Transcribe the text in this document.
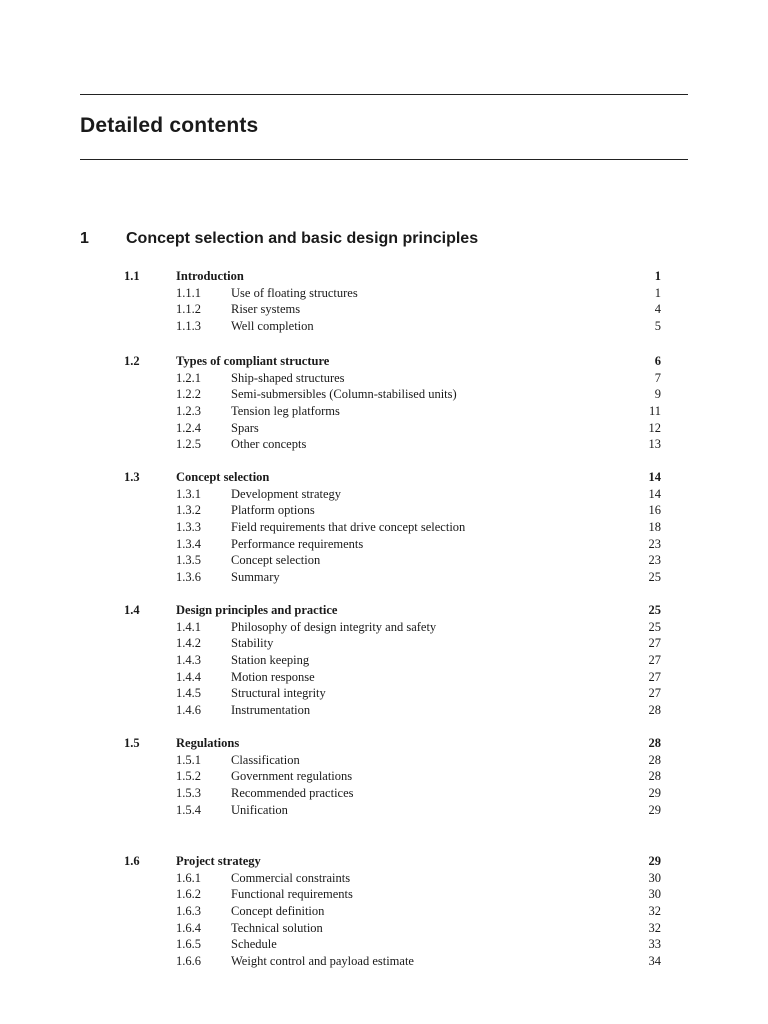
Detailed contents
1 Concept selection and basic design principles
1.1	Introduction	1
1.1.1 Use of floating structures	1
1.1.2 Riser systems	4
1.1.3 Well completion	5
1.2	Types of compliant structure	6
1.2.1 Ship-shaped structures	7
1.2.2 Semi-submersibles (Column-stabilised units)	9
1.2.3 Tension leg platforms	11
1.2.4 Spars	12
1.2.5 Other concepts	13
1.3	Concept selection	14
1.3.1 Development strategy	14
1.3.2 Platform options	16
1.3.3 Field requirements that drive concept selection	18
1.3.4 Performance requirements	23
1.3.5 Concept selection	23
1.3.6 Summary	25
1.4	Design principles and practice	25
1.4.1 Philosophy of design integrity and safety	25
1.4.2 Stability	27
1.4.3 Station keeping	27
1.4.4 Motion response	27
1.4.5 Structural integrity	27
1.4.6 Instrumentation	28
1.5	Regulations	28
1.5.1 Classification	28
1.5.2 Government regulations	28
1.5.3 Recommended practices	29
1.5.4 Unification	29
1.6	Project strategy	29
1.6.1 Commercial constraints	30
1.6.2 Functional requirements	30
1.6.3 Concept definition	32
1.6.4 Technical solution	32
1.6.5 Schedule	33
1.6.6 Weight control and payload estimate	34
